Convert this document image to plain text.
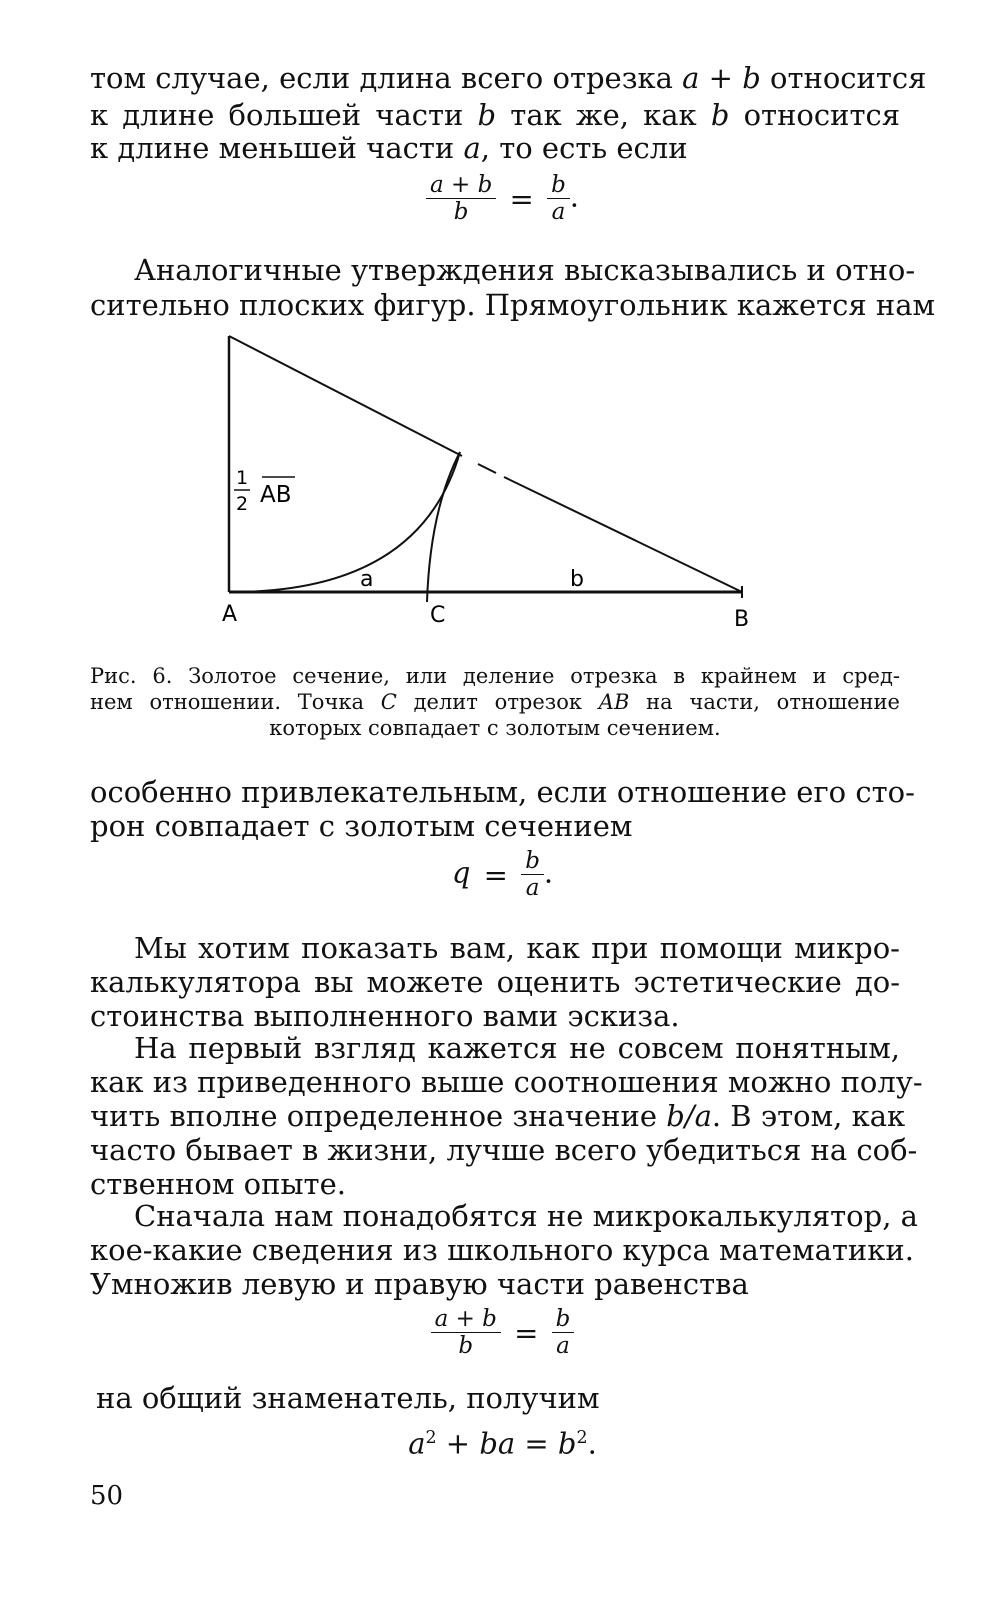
том случае, если длина всего отрезка a + b относится
к длине большей части b так же, как b относится
к длине меньшей части a, то есть если
$\frac{a + b}{b} = \frac{b}{a}$ .
Аналогичные утверждения высказывались и отно-
сительно плоских фигур. Прямоугольник кажется нам
1
2 AB
a	b
A	C	B
Рис. 6. Золотое сечение, или деление отрезка в крайнем и сред-
нем отношении. Точка C делит отрезок AB на части, отношение
которых совпадает с золотым сечением.
особенно привлекательным, если отношение его сто-
рон совпадает с золотым сечением
$q = \frac{b}{a}$ .
Мы хотим показать вам, как при помощи микро-
калькулятора вы можете оценить эстетические до-
стоинства выполненного вами эскиза.
На первый взгляд кажется не совсем понятным,
как из приведенного выше соотношения можно полу-
чить вполне определенное значение b/a. В этом, как
часто бывает в жизни, лучше всего убедиться на соб-
ственном опыте.
Сначала нам понадобятся не микрокалькулятор, а
кое-какие сведения из школьного курса математики.
Умножив левую и правую части равенства
$\frac{a + b}{b} = \frac{b}{a}$
на общий знаменатель, получим
$a^2$ + ba = $b^2$.
50
